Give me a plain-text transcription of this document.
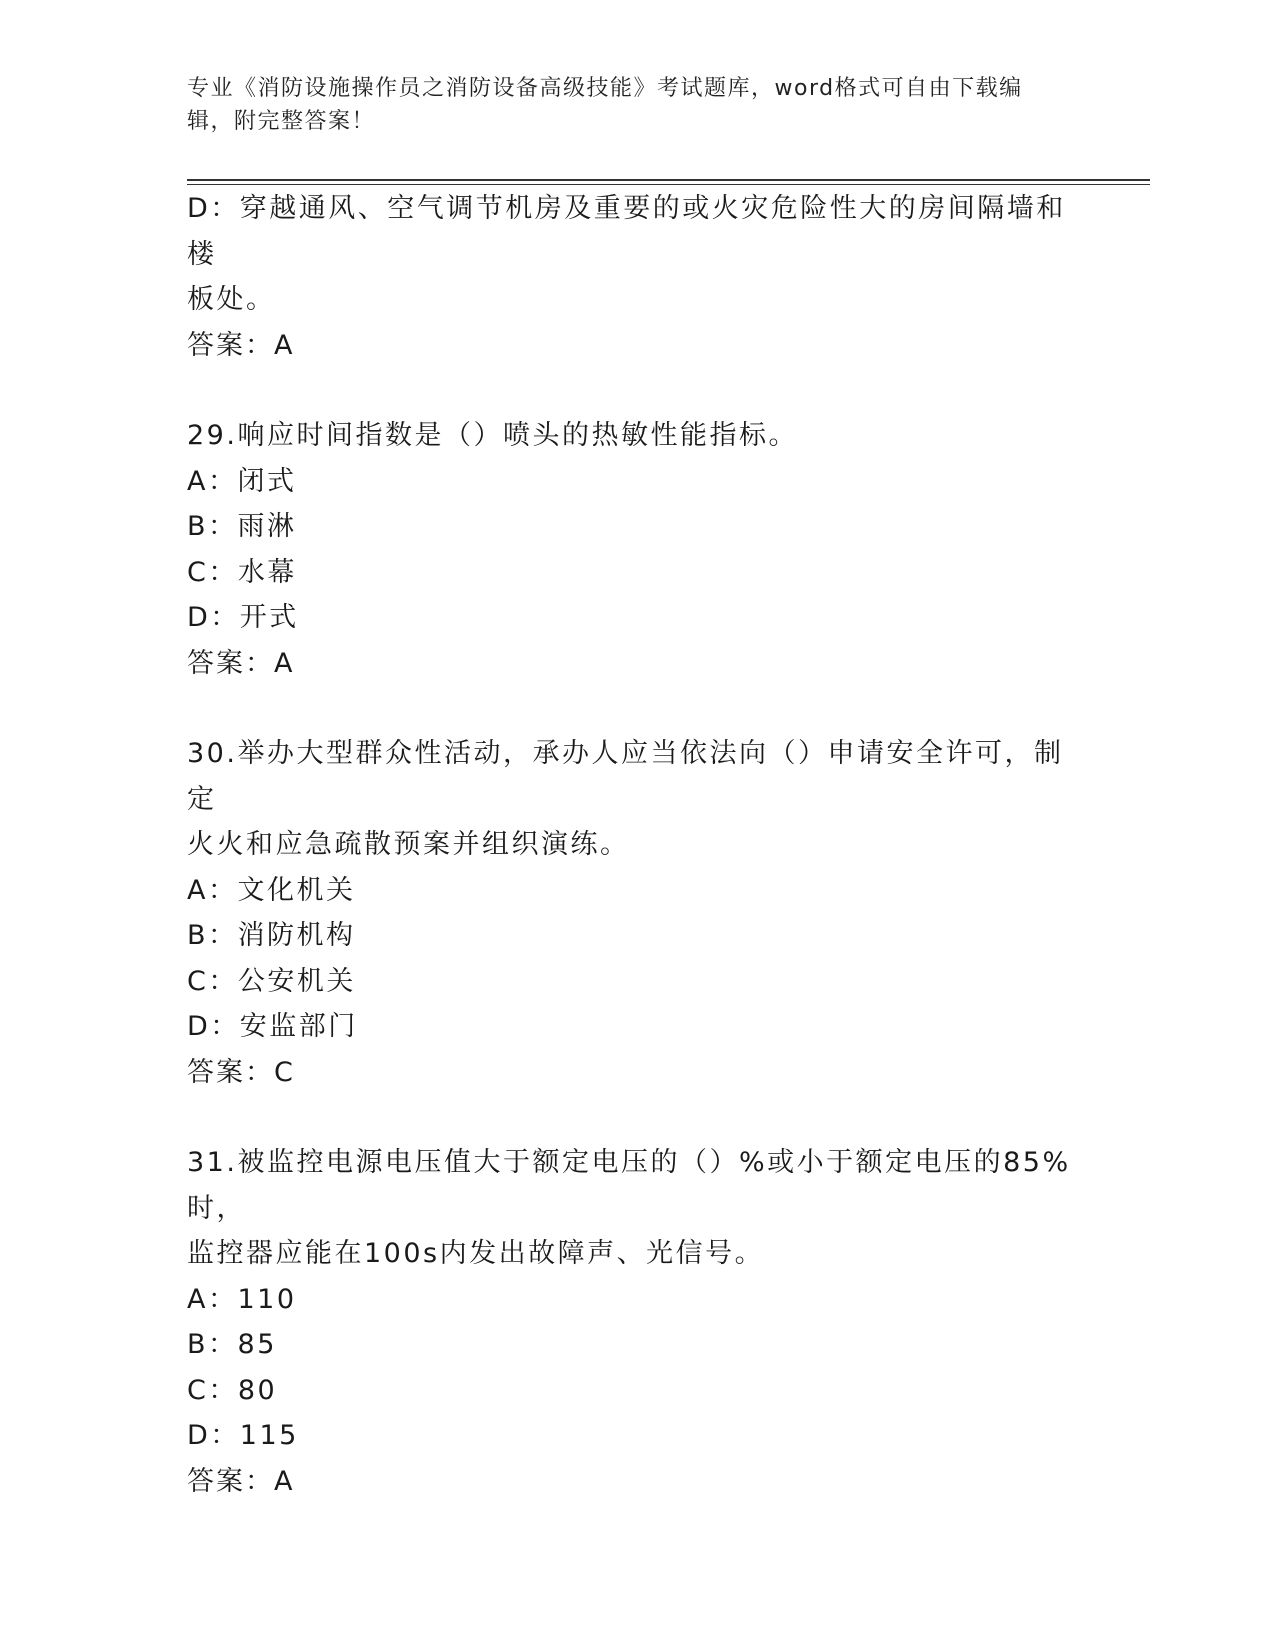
专业《消防设施操作员之消防设备高级技能》考试题库，word格式可自由下载编
辑，附完整答案！

D：穿越通风、空气调节机房及重要的或火灾危险性大的房间隔墙和楼

板处。

答案：A

29.响应时间指数是（）喷头的热敏性能指标。

A：闭式

B：雨淋

C：水幕

D：开式

答案：A

30.举办大型群众性活动，承办人应当依法向（）申请安全许可，制定

火火和应急疏散预案并组织演练。

A：文化机关

B：消防机构

C：公安机关

D：安监部门

答案：C

31.被监控电源电压值大于额定电压的（）%或小于额定电压的85%时，

监控器应能在100s内发出故障声、光信号。

A：110

B：85

C：80

D：115

答案：A
